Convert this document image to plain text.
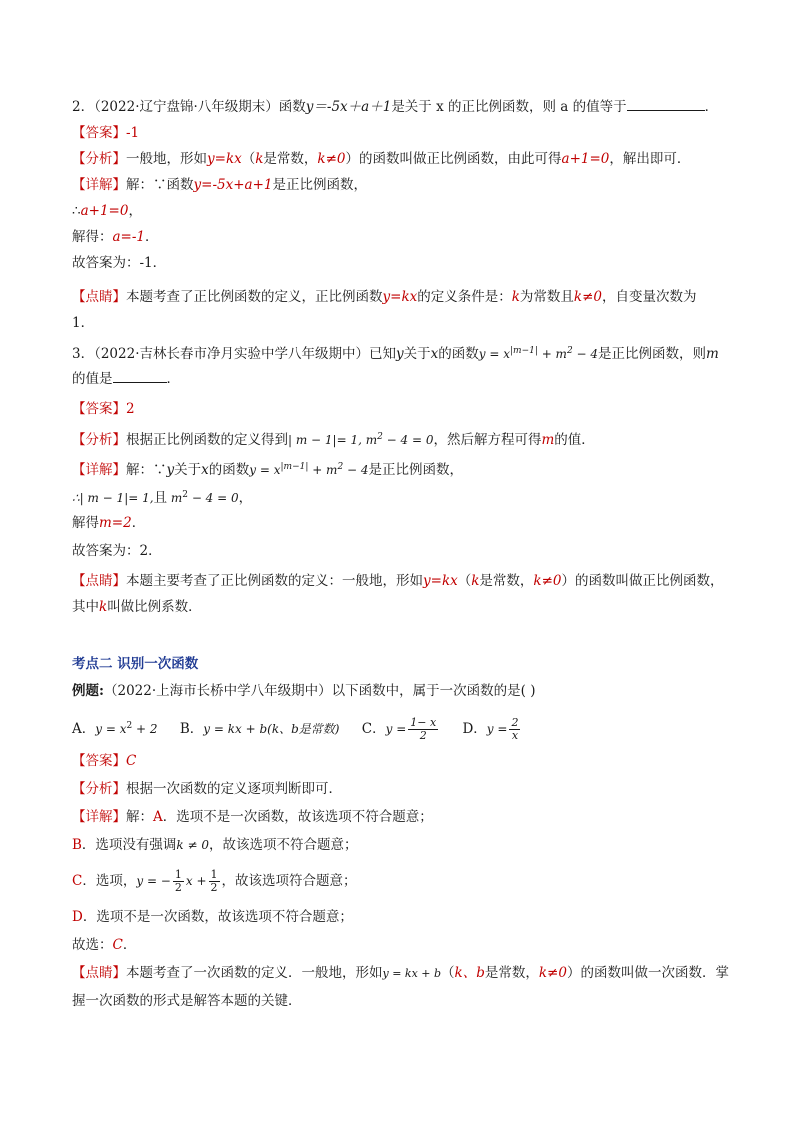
2．（2022·辽宁盘锦·八年级期末）函数y＝-5x＋a＋1是关于 x 的正比例函数，则 a 的值等于	．
【答案】-1
【分析】一般地，形如y=kx（k是常数，k≠0）的函数叫做正比例函数，由此可得a+1=0，解出即可．
【详解】解：∵函数y=-5x+a+1是正比例函数，
∴a+1=0，
解得：a=-1．
故答案为：-1．
【点睛】本题考查了正比例函数的定义，正比例函数y=kx的定义条件是：k为常数且k≠0，自变量次数为
1．
3．（2022·吉林长春市净月实验中学八年级期中）已知y关于x的函数$y = x^{|m-1|} + m^2 - 4$是正比例函数，则m
的值是	．
【答案】2
【分析】根据正比例函数的定义得到| m − 1|= 1, $m^2 - 4 = 0$，然后解方程可得m的值．
【详解】解：∵y关于x的函数$y = x^{|m-1|} + m^2 - 4$是正比例函数，
∴| m − 1|= 1,且 $m^2 - 4 = 0$，
解得m=2．
故答案为：2．
【点睛】本题主要考查了正比例函数的定义：一般地，形如y=kx（k是常数，k≠0）的函数叫做正比例函数，
其中k叫做比例系数．
考点二 识别一次函数
例题:（2022·上海市长桥中学八年级期中）以下函数中，属于一次函数的是( )
A．$y = x^2 + 2$ B．y = kx + b(k、b是常数) C．$y = \frac{1- x}{2}$ D．$y = \frac{2}{x}$
【答案】C
【分析】根据一次函数的定义逐项判断即可．
【详解】解：A．选项不是一次函数，故该选项不符合题意；
B．选项没有强调k ≠ 0，故该选项不符合题意；
C．选项，y = − $\frac{1}{2}$ $x + \frac{1}{2}$ ，故该选项符合题意；
D．选项不是一次函数，故该选项不符合题意；
故选：C．
【点睛】本题考查了一次函数的定义．一般地，形如y = kx + b（k、b是常数，k≠0）的函数叫做一次函数．掌
握一次函数的形式是解答本题的关键．
